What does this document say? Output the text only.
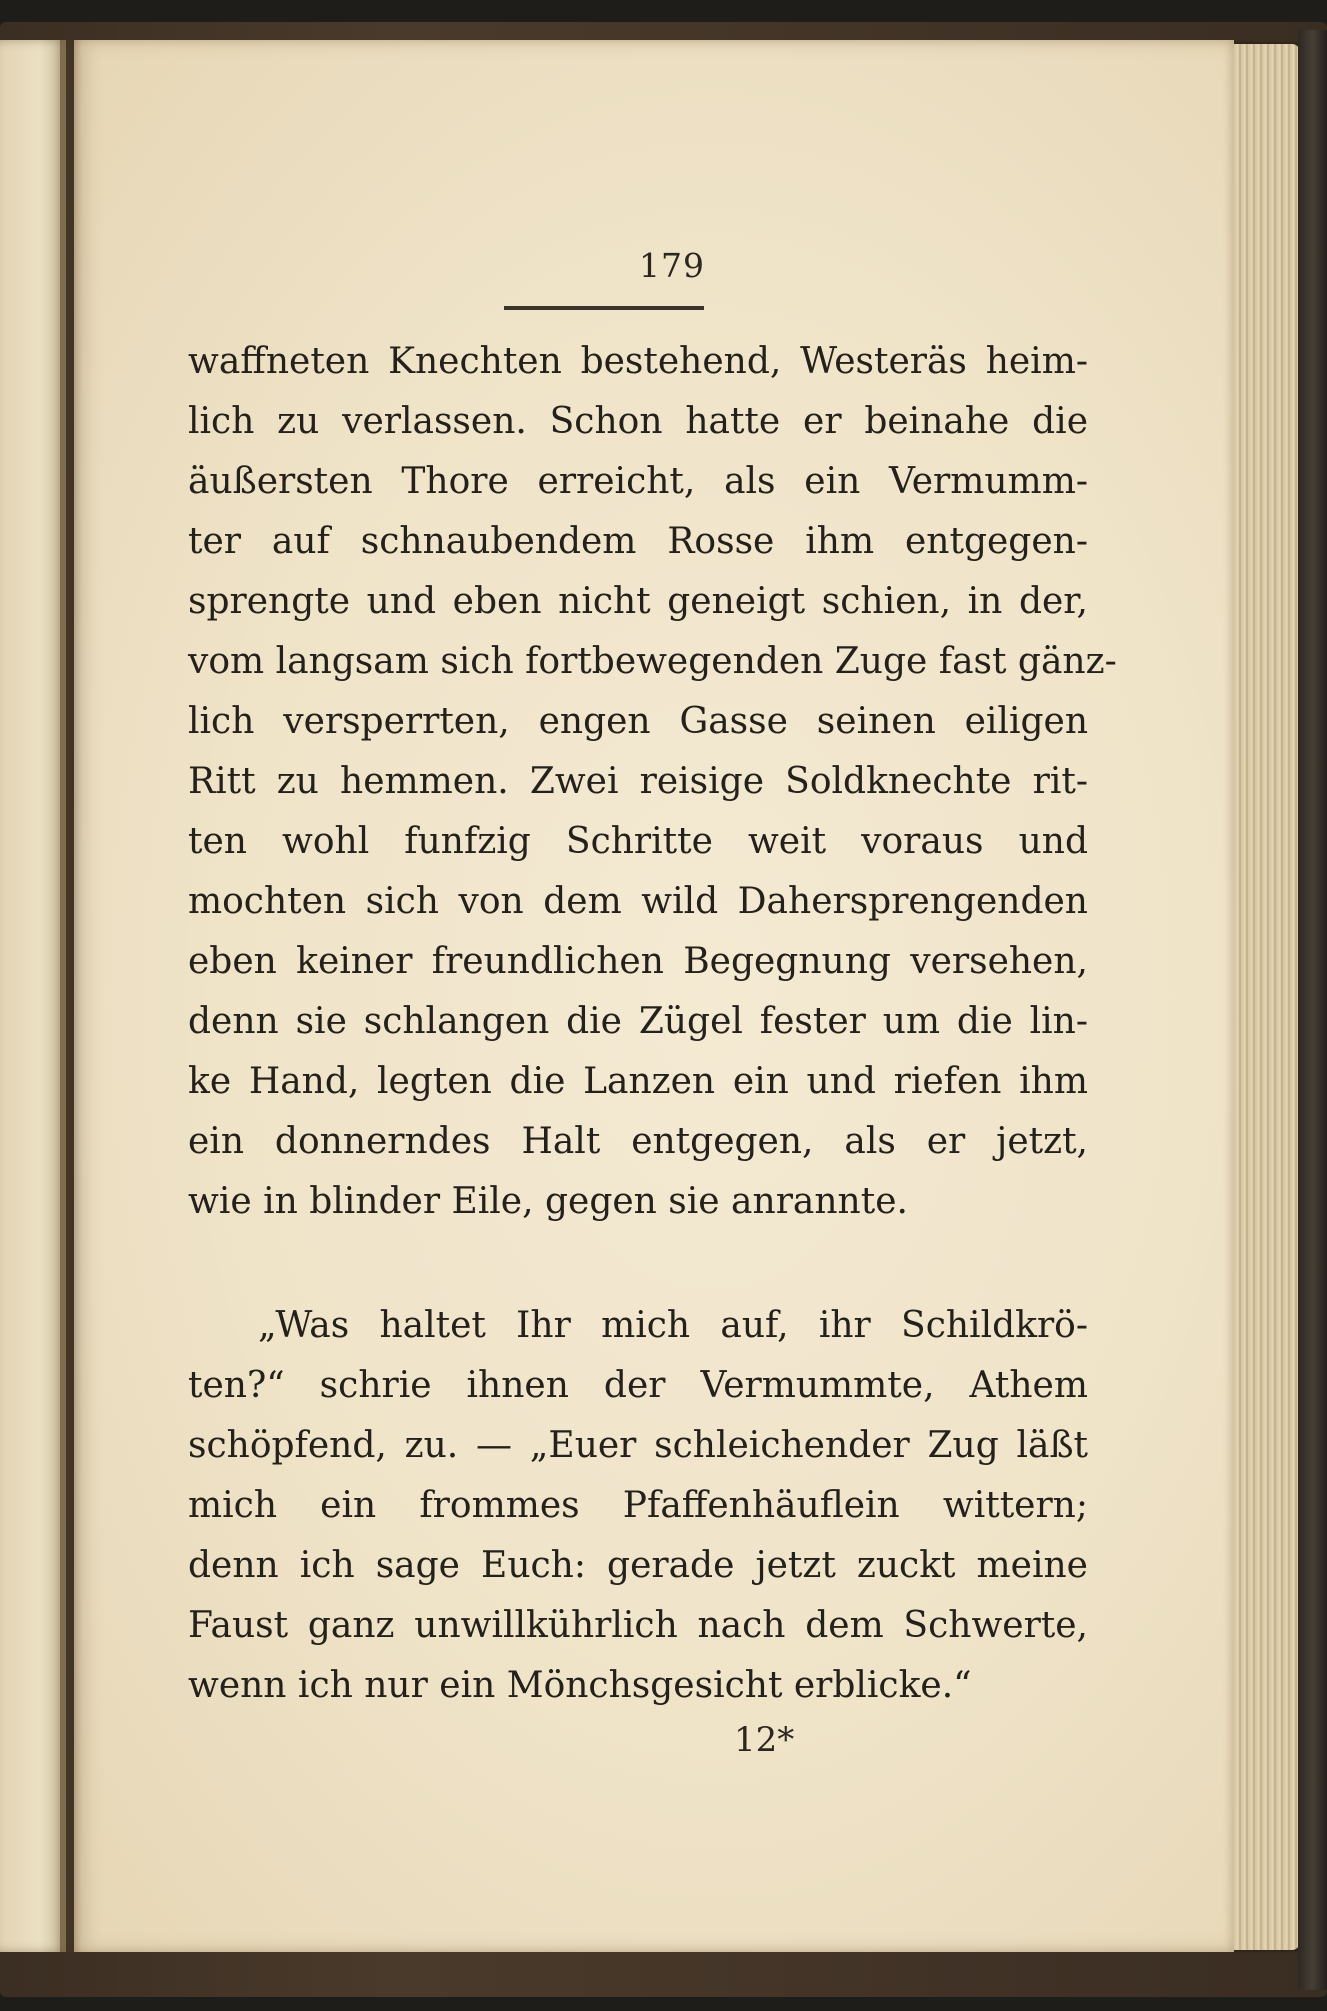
179
waffneten Knechten bestehend, Westeräs heim-
lich zu verlassen. Schon hatte er beinahe die
äußersten Thore erreicht, als ein Vermumm-
ter auf schnaubendem Rosse ihm entgegen-
sprengte und eben nicht geneigt schien, in der,
vom langsam sich fortbewegenden Zuge fast gänz-
lich versperrten, engen Gasse seinen eiligen
Ritt zu hemmen. Zwei reisige Soldknechte rit-
ten wohl funfzig Schritte weit voraus und
mochten sich von dem wild Dahersprengenden
eben keiner freundlichen Begegnung versehen,
denn sie schlangen die Zügel fester um die lin-
ke Hand, legten die Lanzen ein und riefen ihm
ein donnerndes Halt entgegen, als er jetzt,
wie in blinder Eile, gegen sie anrannte.
„Was haltet Ihr mich auf, ihr Schildkrö-
ten?“ schrie ihnen der Vermummte, Athem
schöpfend, zu. — „Euer schleichender Zug läßt
mich ein frommes Pfaffenhäuflein wittern;
denn ich sage Euch: gerade jetzt zuckt meine
Faust ganz unwillkührlich nach dem Schwerte,
wenn ich nur ein Mönchsgesicht erblicke.“
12*
